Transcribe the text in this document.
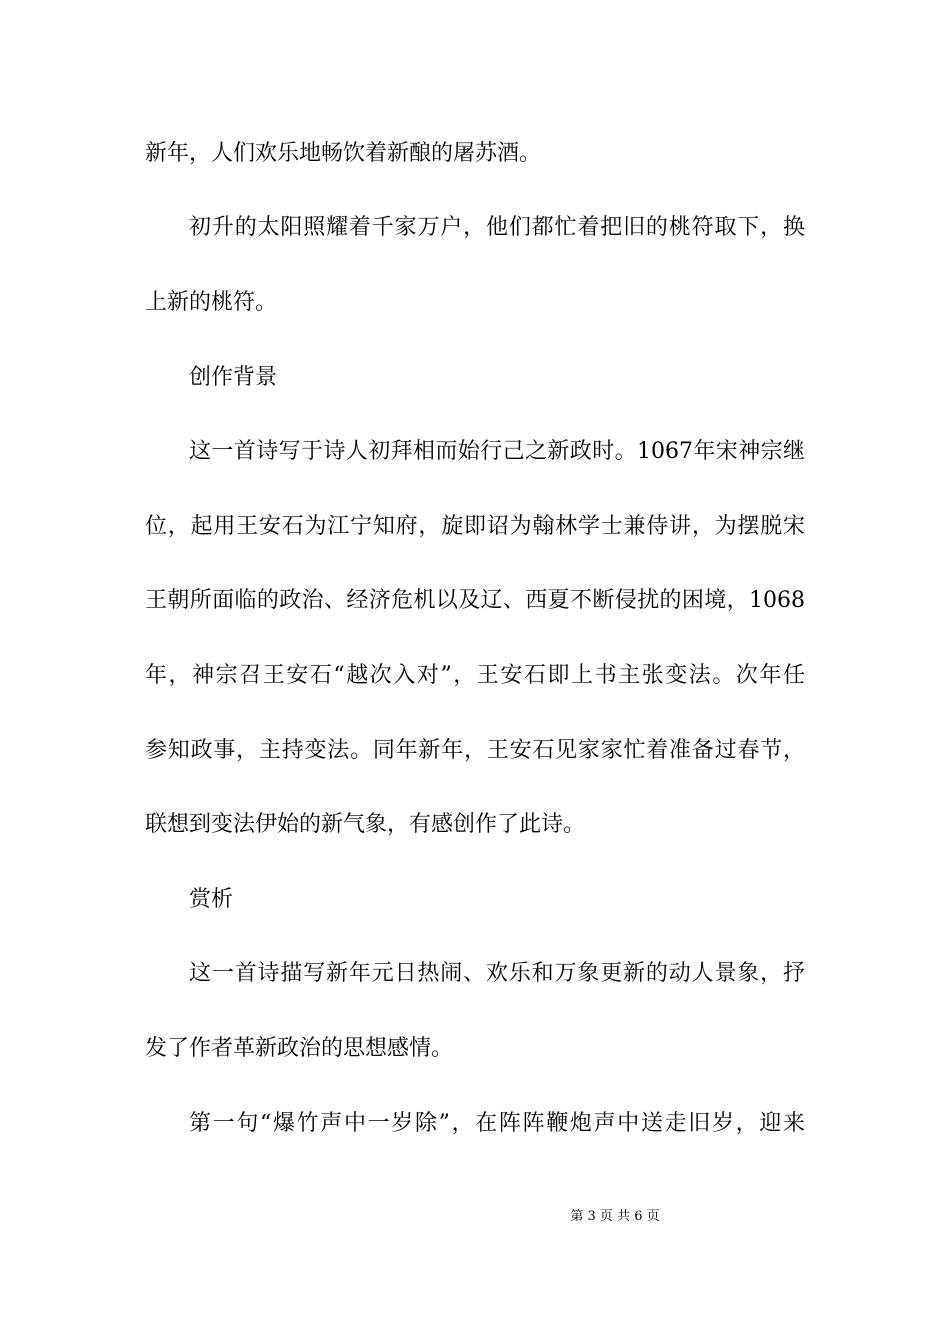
新年，人们欢乐地畅饮着新酿的屠苏酒。
初升的太阳照耀着千家万户，他们都忙着把旧的桃符取下，换
上新的桃符。
创作背景
这一首诗写于诗人初拜相而始行己之新政时。1067年宋神宗继
位，起用王安石为江宁知府，旋即诏为翰林学士兼侍讲，为摆脱宋
王朝所面临的政治、经济危机以及辽、西夏不断侵扰的困境，1068
年，神宗召王安石“越次入对”，王安石即上书主张变法。次年任
参知政事，主持变法。同年新年，王安石见家家忙着准备过春节，
联想到变法伊始的新气象，有感创作了此诗。
赏析
这一首诗描写新年元日热闹、欢乐和万象更新的动人景象，抒
发了作者革新政治的思想感情。
第一句“爆竹声中一岁除”，在阵阵鞭炮声中送走旧岁，迎来
第 3 页 共 6 页
